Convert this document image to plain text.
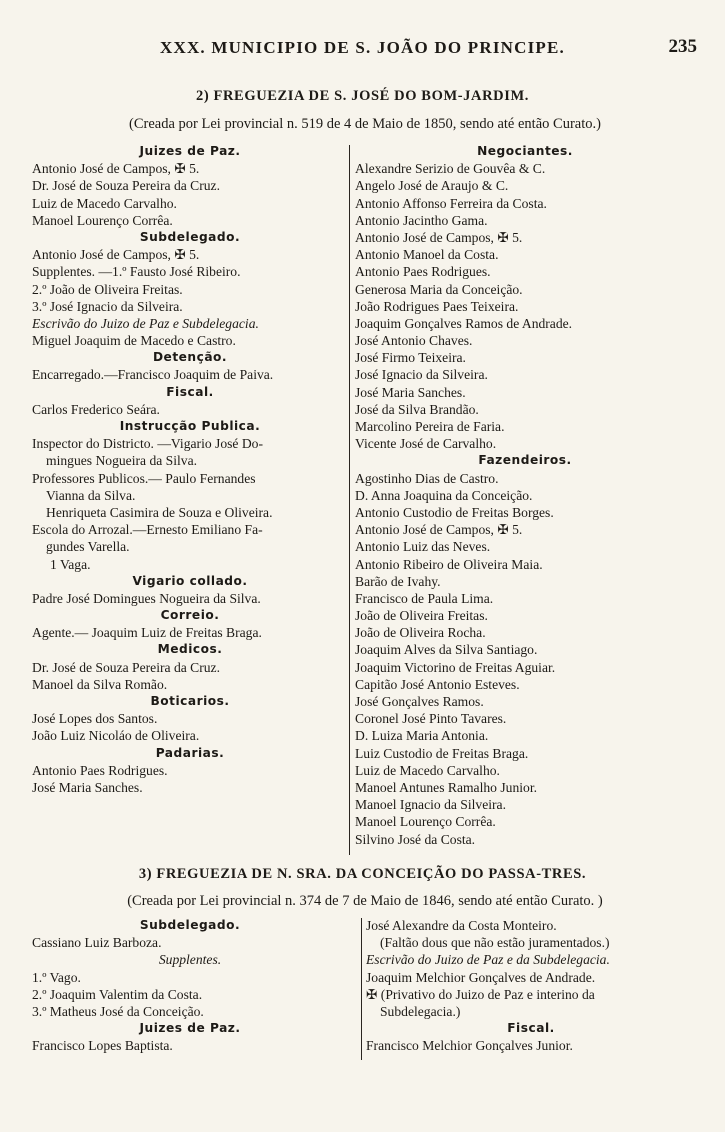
XXX. MUNICIPIO DE S. JOÃO DO PRINCIPE.	235
2) FREGUEZIA DE S. JOSÉ DO BOM-JARDIM.
(Creada por Lei provincial n. 519 de 4 de Maio de 1850, sendo até então Curato.)
Juizes de Paz.
Antonio José de Campos, ✠ 5.
Dr. José de Souza Pereira da Cruz.
Luiz de Macedo Carvalho.
Manoel Lourenço Corrêa.
Subdelegado.
Antonio José de Campos, ✠ 5.
Supplentes. —1.º Fausto José Ribeiro.
2.º João de Oliveira Freitas.
3.º José Ignacio da Silveira.
Escrivão do Juizo de Paz e Subdelegacia.
Miguel Joaquim de Macedo e Castro.
Detenção.
Encarregado.—Francisco Joaquim de Paiva.
Fiscal.
Carlos Frederico Seára.
Instrucção Publica.
Inspector do Districto. —Vigario José Do-
mingues Nogueira da Silva.
Professores Publicos.— Paulo Fernandes
Vianna da Silva.
Henriqueta Casimira de Souza e Oliveira.
Escola do Arrozal.—Ernesto Emiliano Fa-
gundes Varella.
1 Vaga.
Vigario collado.
Padre José Domingues Nogueira da Silva.
Correio.
Agente.— Joaquim Luiz de Freitas Braga.
Medicos.
Dr. José de Souza Pereira da Cruz.
Manoel da Silva Romão.
Boticarios.
José Lopes dos Santos.
João Luiz Nicoláo de Oliveira.
Padarias.
Antonio Paes Rodrigues.
José Maria Sanches.
Negociantes.
Alexandre Serizio de Gouvêa & C.
Angelo José de Araujo & C.
Antonio Affonso Ferreira da Costa.
Antonio Jacintho Gama.
Antonio José de Campos, ✠ 5.
Antonio Manoel da Costa.
Antonio Paes Rodrigues.
Generosa Maria da Conceição.
João Rodrigues Paes Teixeira.
Joaquim Gonçalves Ramos de Andrade.
José Antonio Chaves.
José Firmo Teixeira.
José Ignacio da Silveira.
José Maria Sanches.
José da Silva Brandão.
Marcolino Pereira de Faria.
Vicente José de Carvalho.
Fazendeiros.
Agostinho Dias de Castro.
D. Anna Joaquina da Conceição.
Antonio Custodio de Freitas Borges.
Antonio José de Campos, ✠ 5.
Antonio Luiz das Neves.
Antonio Ribeiro de Oliveira Maia.
Barão de Ivahy.
Francisco de Paula Lima.
João de Oliveira Freitas.
João de Oliveira Rocha.
Joaquim Alves da Silva Santiago.
Joaquim Victorino de Freitas Aguiar.
Capitão José Antonio Esteves.
José Gonçalves Ramos.
Coronel José Pinto Tavares.
D. Luiza Maria Antonia.
Luiz Custodio de Freitas Braga.
Luiz de Macedo Carvalho.
Manoel Antunes Ramalho Junior.
Manoel Ignacio da Silveira.
Manoel Lourenço Corrêa.
Silvino José da Costa.
3) FREGUEZIA DE N. SRA. DA CONCEIÇÃO DO PASSA-TRES.
(Creada por Lei provincial n. 374 de 7 de Maio de 1846, sendo até então Curato. )
Subdelegado.
Cassiano Luiz Barboza.
Supplentes.
1.º Vago.
2.º Joaquim Valentim da Costa.
3.º Matheus José da Conceição.
Juizes de Paz.
Francisco Lopes Baptista.
José Alexandre da Costa Monteiro.
(Faltão dous que não estão juramentados.)
Escrivão do Juizo de Paz e da Subdelegacia.
Joaquim Melchior Gonçalves de Andrade.
✠ (Privativo do Juizo de Paz e interino da
Subdelegacia.)
Fiscal.
Francisco Melchior Gonçalves Junior.
